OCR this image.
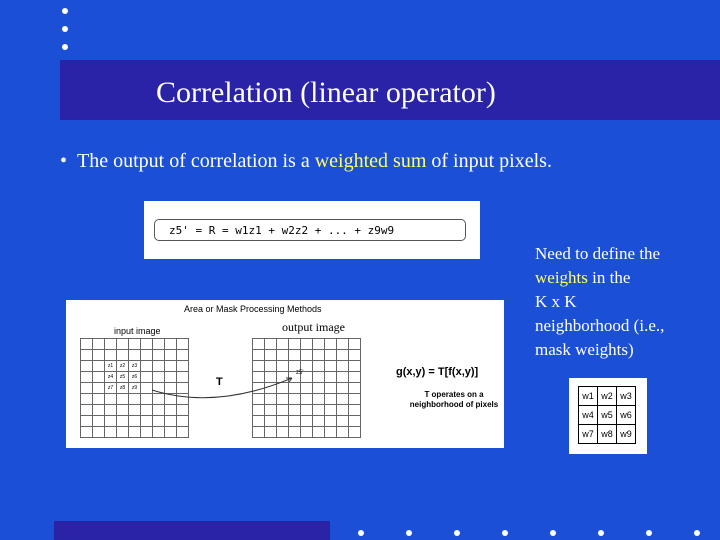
Correlation (linear operator)
•  The output of correlation is a weighted sum of input pixels.
z5' = R = w1z1 + w2z2 + ... + z9w9
Area or Mask Processing Methods
input image	output image

		z1	z2	z3				
		z4	z5	z6				
		z7	z8	z9				

									T
z5'	g(x,y) = T[f(x,y)]
T operates on a neighborhood of pixels
Need to define the
weights in the
K x K
neighborhood (i.e.,
mask weights)
w1	w2	w3
w4	w5	w6
w7	w8	w9
